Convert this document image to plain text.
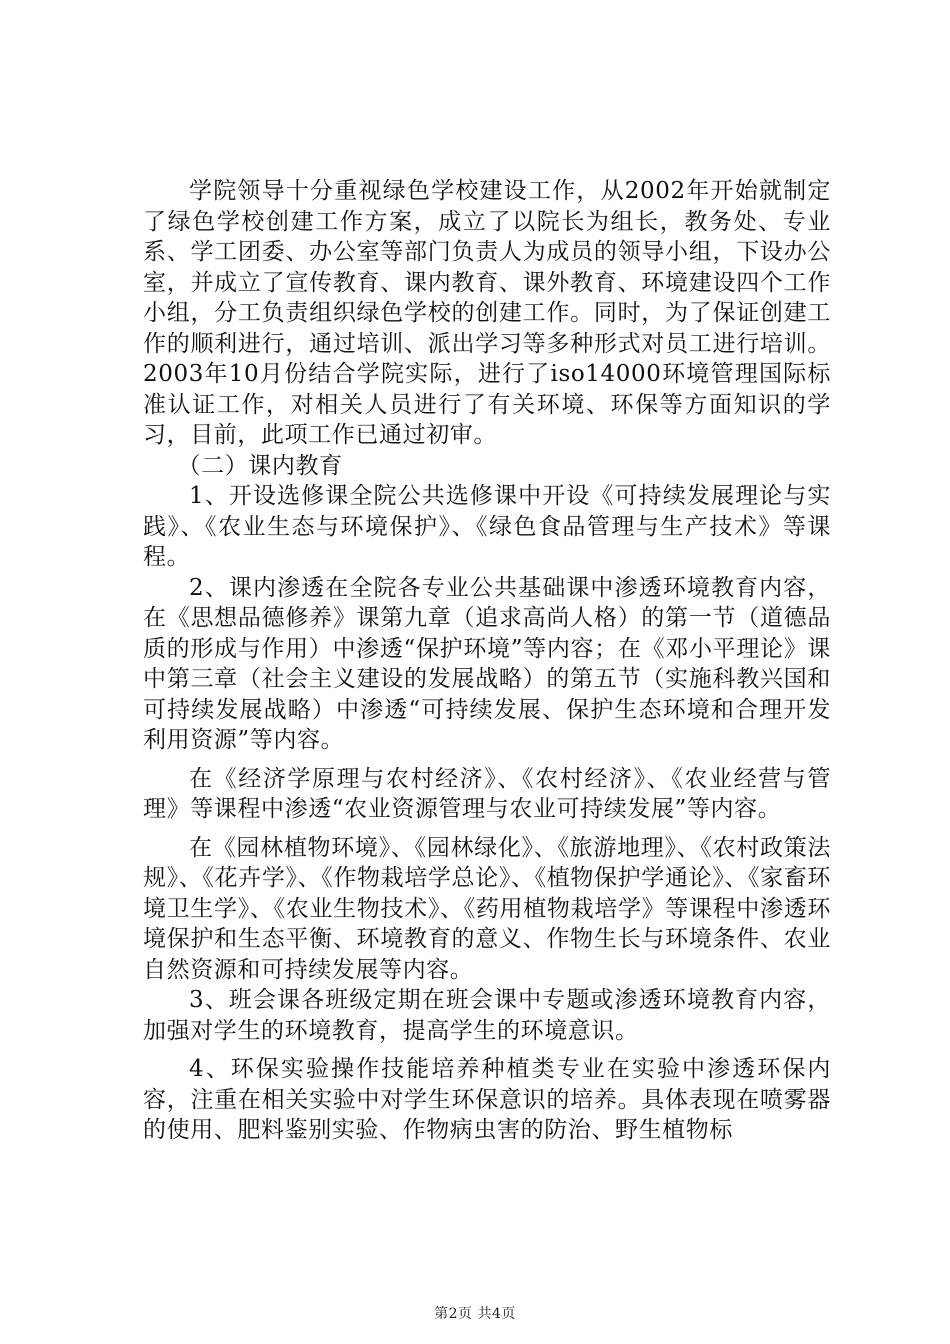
学院领导十分重视绿色学校建设工作，从2002年开始就制定了绿色学校创建工作方案，成立了以院长为组长，教务处、专业系、学工团委、办公室等部门负责人为成员的领导小组，下设办公室，并成立了宣传教育、课内教育、课外教育、环境建设四个工作小组，分工负责组织绿色学校的创建工作。同时，为了保证创建工作的顺利进行，通过培训、派出学习等多种形式对员工进行培训。2003年10月份结合学院实际，进行了iso14000环境管理国际标准认证工作，对相关人员进行了有关环境、环保等方面知识的学习，目前，此项工作已通过初审。

（二）课内教育

1、开设选修课全院公共选修课中开设《可持续发展理论与实践》、《农业生态与环境保护》、《绿色食品管理与生产技术》等课程。

2、课内渗透在全院各专业公共基础课中渗透环境教育内容，在《思想品德修养》课第九章（追求高尚人格）的第一节（道德品质的形成与作用）中渗透“保护环境”等内容；在《邓小平理论》课中第三章（社会主义建设的发展战略）的第五节（实施科教兴国和可持续发展战略）中渗透“可持续发展、保护生态环境和合理开发利用资源”等内容。

在《经济学原理与农村经济》、《农村经济》、《农业经营与管理》等课程中渗透“农业资源管理与农业可持续发展”等内容。

在《园林植物环境》、《园林绿化》、《旅游地理》、《农村政策法规》、《花卉学》、《作物栽培学总论》、《植物保护学通论》、《家畜环境卫生学》、《农业生物技术》、《药用植物栽培学》等课程中渗透环境保护和生态平衡、环境教育的意义、作物生长与环境条件、农业自然资源和可持续发展等内容。

3、班会课各班级定期在班会课中专题或渗透环境教育内容，加强对学生的环境教育，提高学生的环境意识。

4、环保实验操作技能培养种植类专业在实验中渗透环保内容，注重在相关实验中对学生环保意识的培养。具体表现在喷雾器的使用、肥料鉴别实验、作物病虫害的防治、野生植物标

第2页 共4页
